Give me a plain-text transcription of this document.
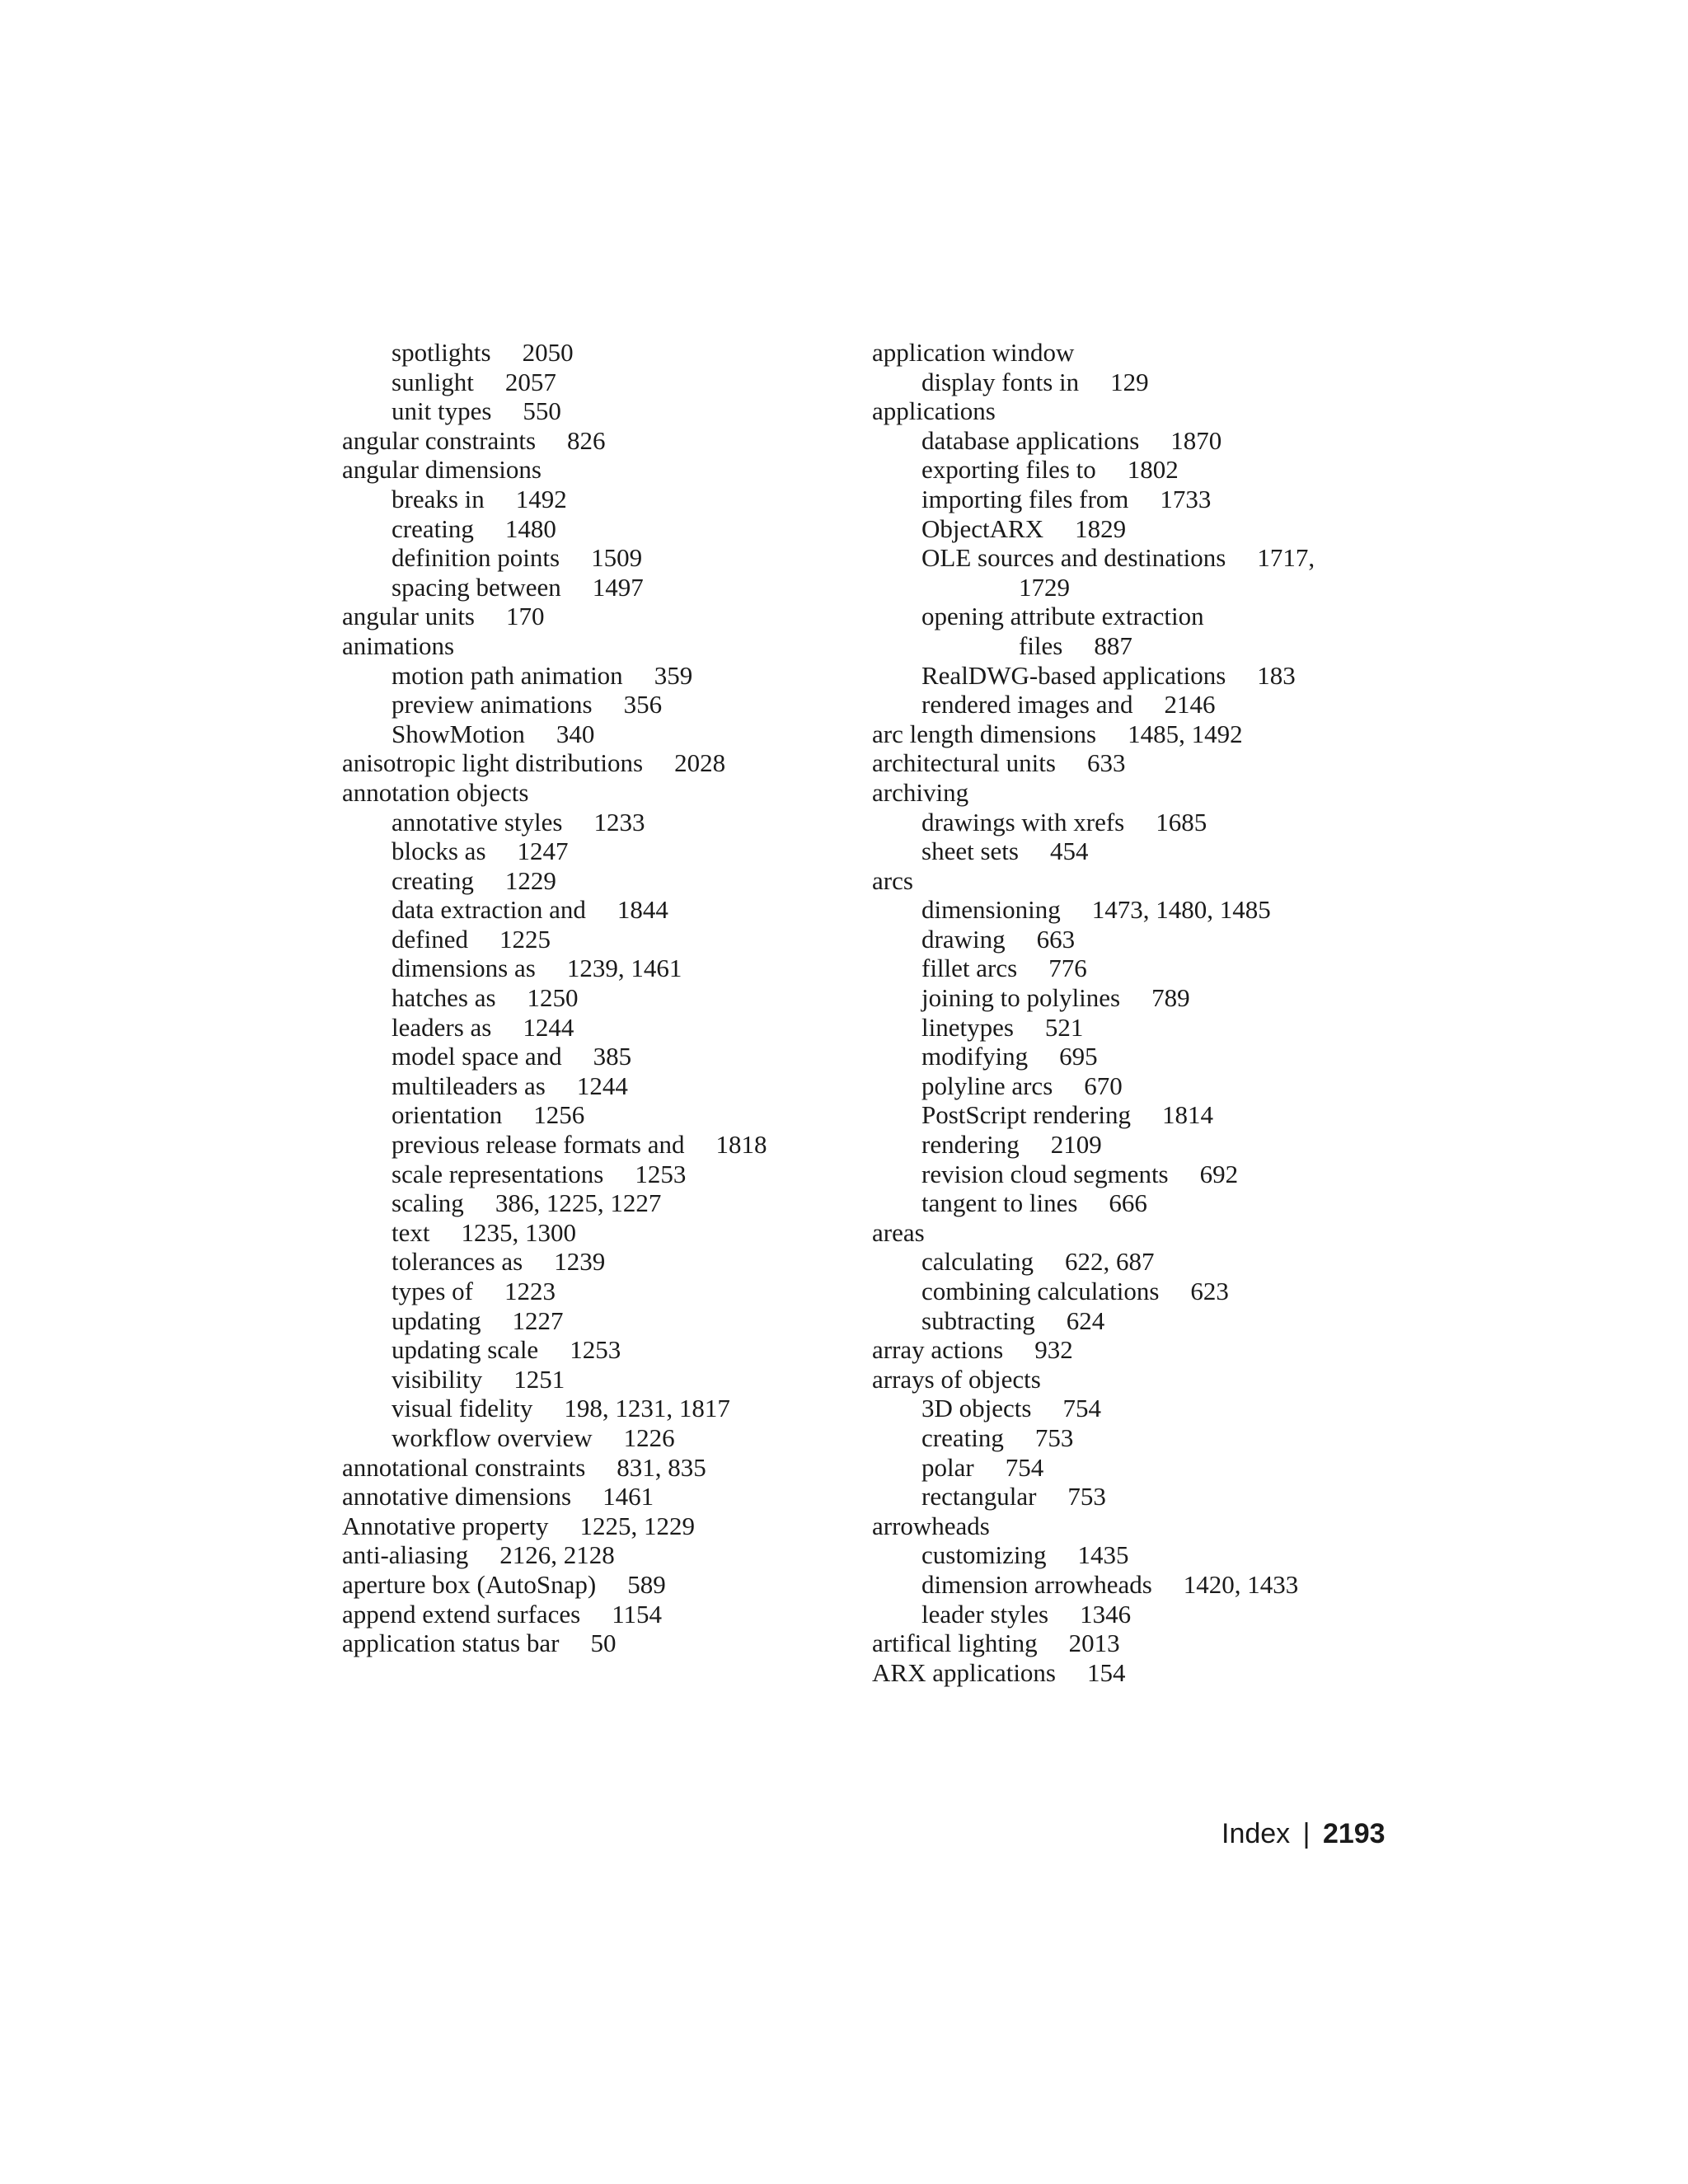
spotlights 2050
sunlight 2057
unit types 550
angular constraints 826
angular dimensions
breaks in 1492
creating 1480
definition points 1509
spacing between 1497
angular units 170
animations
motion path animation 359
preview animations 356
ShowMotion 340
anisotropic light distributions 2028
annotation objects
annotative styles 1233
blocks as 1247
creating 1229
data extraction and 1844
defined 1225
dimensions as 1239, 1461
hatches as 1250
leaders as 1244
model space and 385
multileaders as 1244
orientation 1256
previous release formats and 1818
scale representations 1253
scaling 386, 1225, 1227
text 1235, 1300
tolerances as 1239
types of 1223
updating 1227
updating scale 1253
visibility 1251
visual fidelity 198, 1231, 1817
workflow overview 1226
annotational constraints 831, 835
annotative dimensions 1461
Annotative property 1225, 1229
anti-aliasing 2126, 2128
aperture box (AutoSnap) 589
append extend surfaces 1154
application status bar 50
application window
display fonts in 129
applications
database applications 1870
exporting files to 1802
importing files from 1733
ObjectARX 1829
OLE sources and destinations 1717,
1729
opening attribute extraction
files 887
RealDWG-based applications 183
rendered images and 2146
arc length dimensions 1485, 1492
architectural units 633
archiving
drawings with xrefs 1685
sheet sets 454
arcs
dimensioning 1473, 1480, 1485
drawing 663
fillet arcs 776
joining to polylines 789
linetypes 521
modifying 695
polyline arcs 670
PostScript rendering 1814
rendering 2109
revision cloud segments 692
tangent to lines 666
areas
calculating 622, 687
combining calculations 623
subtracting 624
array actions 932
arrays of objects
3D objects 754
creating 753
polar 754
rectangular 753
arrowheads
customizing 1435
dimension arrowheads 1420, 1433
leader styles 1346
artifical lighting 2013
ARX applications 154
Index | 2193
